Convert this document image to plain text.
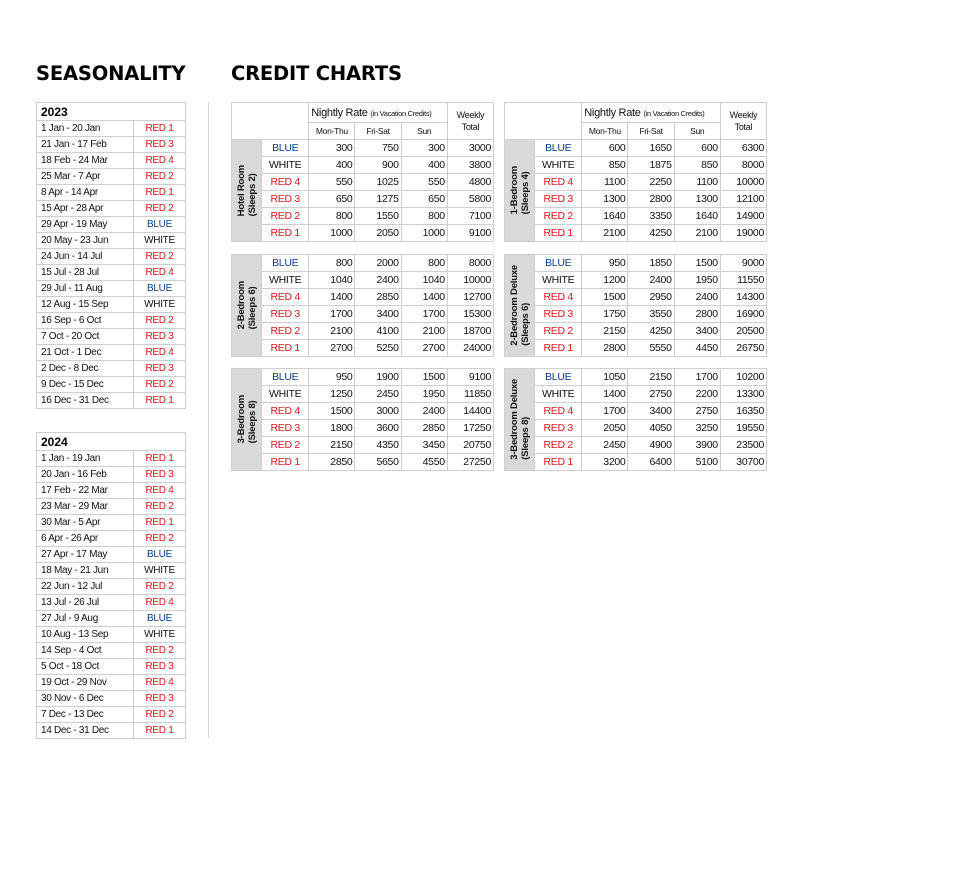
SEASONALITY CREDIT CHARTS
2023	
1 Jan - 20 Jan	RED 1
21 Jan - 17 Feb	RED 3
18 Feb - 24 Mar	RED 4
25 Mar - 7 Apr	RED 2
8 Apr - 14 Apr	RED 1
15 Apr - 28 Apr	RED 2
29 Apr - 19 May	BLUE
20 May - 23 Jun	WHITE
24 Jun - 14 Jul	RED 2
15 Jul - 28 Jul	RED 4
29 Jul - 11 Aug	BLUE
12 Aug - 15 Sep	WHITE
16 Sep - 6 Oct	RED 2
7 Oct - 20 Oct	RED 3
21 Oct - 1 Dec	RED 4
2 Dec - 8 Dec	RED 3
9 Dec - 15 Dec	RED 2
16 Dec - 31 Dec	RED 1
2024	
1 Jan - 19 Jan	RED 1
20 Jan - 16 Feb	RED 3
17 Feb - 22 Mar	RED 4
23 Mar - 29 Mar	RED 2
30 Mar - 5 Apr	RED 1
6 Apr - 26 Apr	RED 2
27 Apr - 17 May	BLUE
18 May - 21 Jun	WHITE
22 Jun - 12 Jul	RED 2
13 Jul - 26 Jul	RED 4
27 Jul - 9 Aug	BLUE
10 Aug - 13 Sep	WHITE
14 Sep - 4 Oct	RED 2
5 Oct - 18 Oct	RED 3
19 Oct - 29 Nov	RED 4
30 Nov - 6 Dec	RED 3
7 Dec - 13 Dec	RED 2
14 Dec - 31 Dec	RED 1
		Nightly Rate (in Vacation Credits)			Weekly Total
		Mon-Thu	Fri-Sat	Sun	

Hotel Room (Sleeps 2)	BLUE	300	750	300	3000
	WHITE	400	900	400	3800
	RED 4	550	1025	550	4800
	RED 3	650	1275	650	5800
	RED 2	800	1550	800	7100
	RED 1	1000	2050	1000	9100
		Nightly Rate (in Vacation Credits)			Weekly Total
		Mon-Thu	Fri-Sat	Sun	

1-Bedroom (Sleeps 4)	BLUE	600	1650	600	6300
	WHITE	850	1875	850	8000
	RED 4	1100	2250	1100	10000
	RED 3	1300	2800	1300	12100
	RED 2	1640	3350	1640	14900
	RED 1	2100	4250	2100	19000
2-Bedroom (Sleeps 6)	BLUE	800	2000	800	8000
	WHITE	1040	2400	1040	10000
	RED 4	1400	2850	1400	12700
	RED 3	1700	3400	1700	15300
	RED 2	2100	4100	2100	18700
	RED 1	2700	5250	2700	24000
2-Bedroom Deluxe (Sleeps 6)	BLUE	950	1850	1500	9000
	WHITE	1200	2400	1950	11550
	RED 4	1500	2950	2400	14300
	RED 3	1750	3550	2800	16900
	RED 2	2150	4250	3400	20500
	RED 1	2800	5550	4450	26750
3-Bedroom (Sleeps 8)	BLUE	950	1900	1500	9100
	WHITE	1250	2450	1950	11850
	RED 4	1500	3000	2400	14400
	RED 3	1800	3600	2850	17250
	RED 2	2150	4350	3450	20750
	RED 1	2850	5650	4550	27250
3-Bedroom Deluxe (Sleeps 8)	BLUE	1050	2150	1700	10200
	WHITE	1400	2750	2200	13300
	RED 4	1700	3400	2750	16350
	RED 3	2050	4050	3250	19550
	RED 2	2450	4900	3900	23500
	RED 1	3200	6400	5100	30700
